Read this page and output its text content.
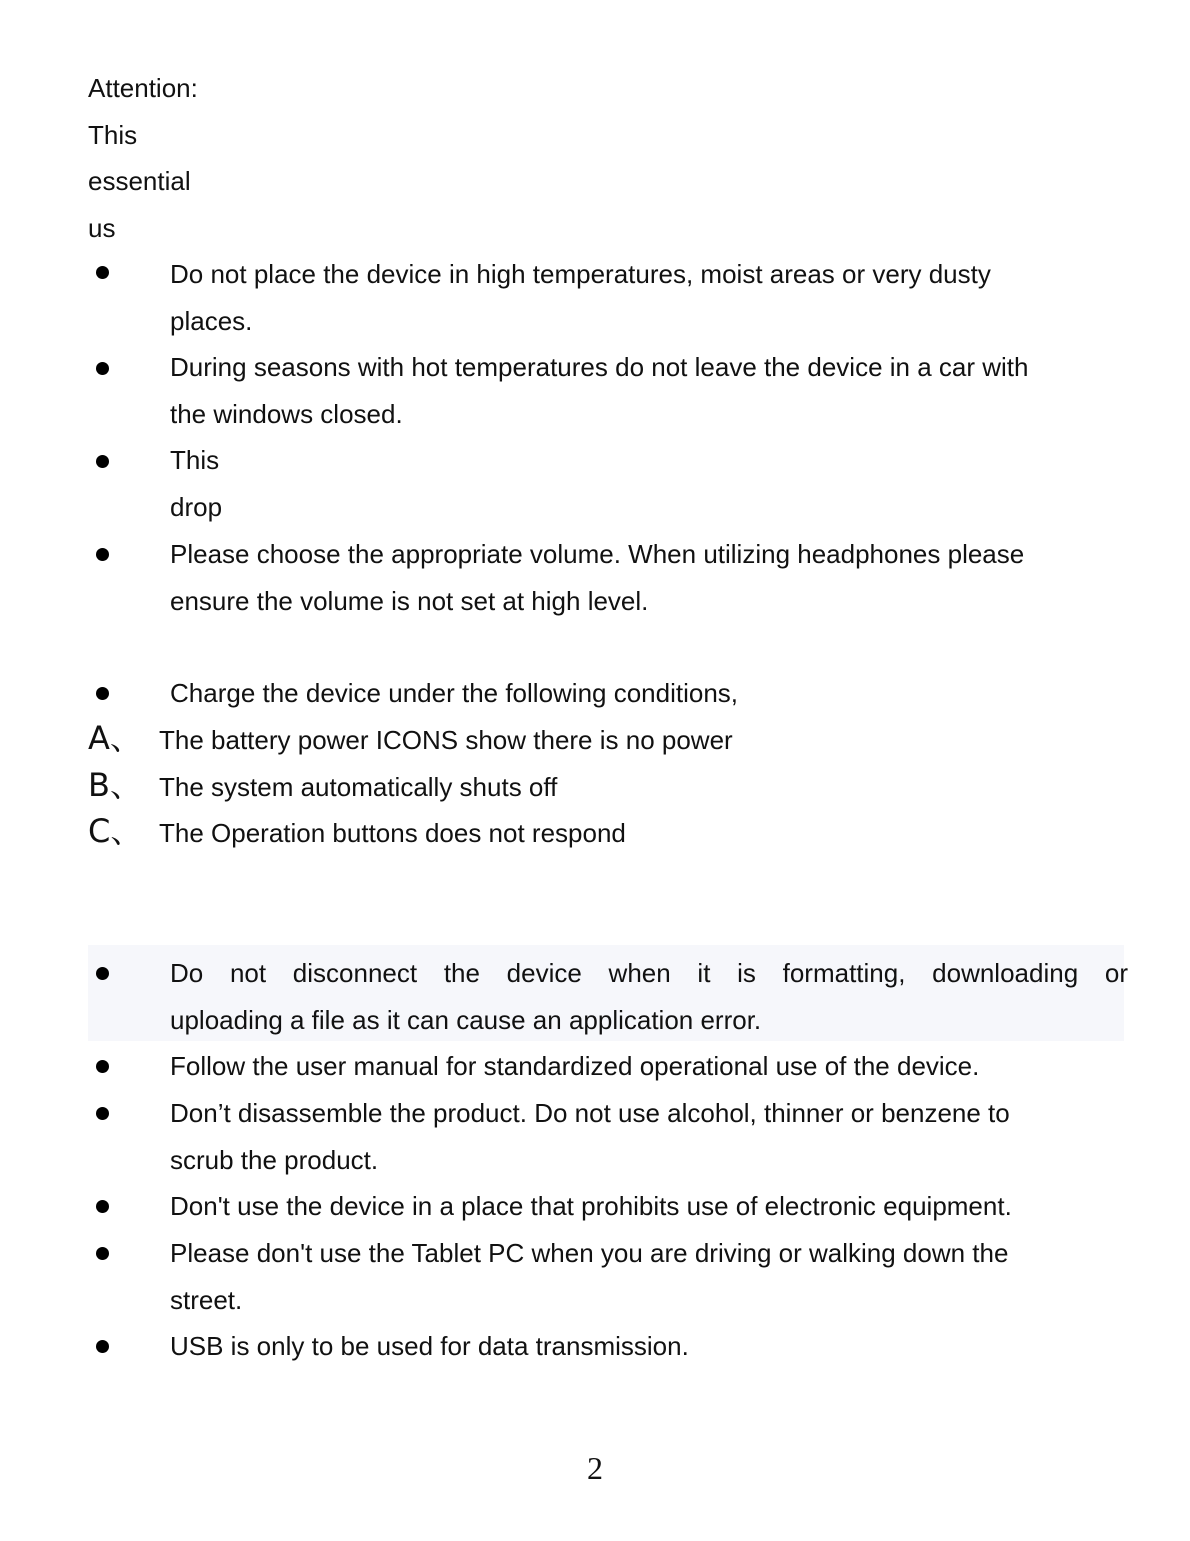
Attention:
This
essential
us
Do not place the device in high temperatures, moist areas or very dusty
places.
During seasons with hot temperatures do not leave the device in a car with
the windows closed.
This
drop
Please choose the appropriate volume. When utilizing headphones please
ensure the volume is not set at high level.
Charge the device under the following conditions,
A、 The battery power ICONS show there is no power
B、 The system automatically shuts off
C、 The Operation buttons does not respond
Do not disconnect the device when it is formatting, downloading or
uploading a file as it can cause an application error.
Follow the user manual for standardized operational use of the device.
Don’t disassemble the product. Do not use alcohol, thinner or benzene to
scrub the product.
Don't use the device in a place that prohibits use of electronic equipment.
Please don't use the Tablet PC when you are driving or walking down the
street.
USB is only to be used for data transmission.
2
